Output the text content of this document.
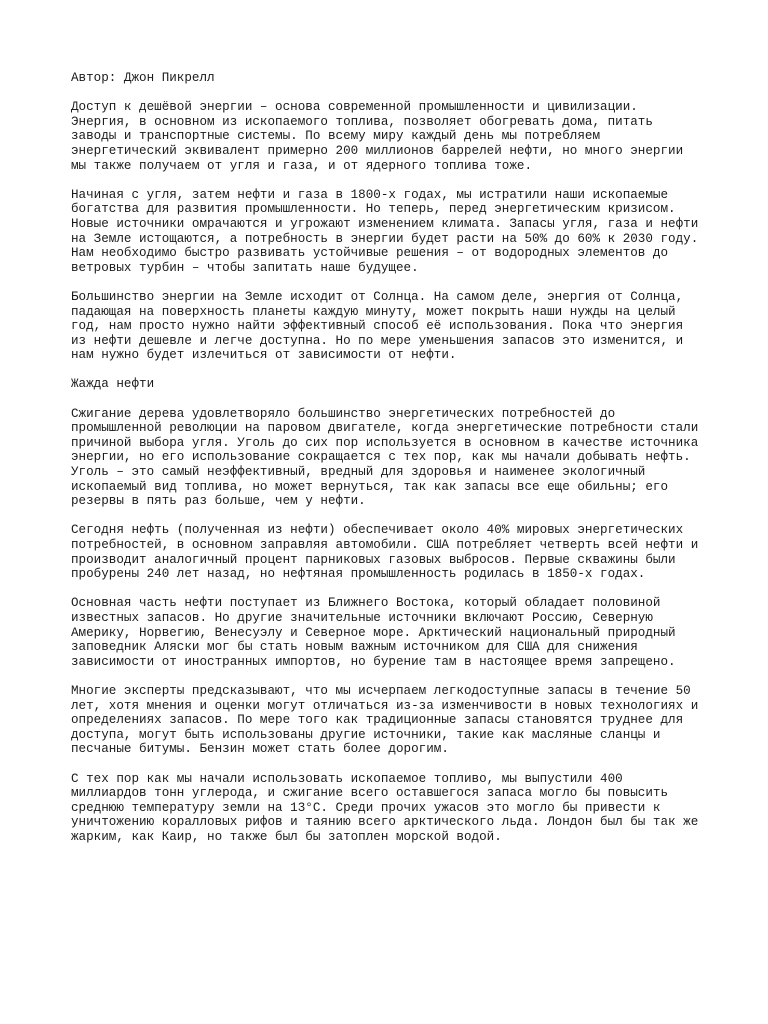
Автор: Джон Пикрелл
Доступ к дешёвой энергии – основа современной промышленности и цивилизации.
Энергия, в основном из ископаемого топлива, позволяет обогревать дома, питать
заводы и транспортные системы. По всему миру каждый день мы потребляем
энергетический эквивалент примерно 200 миллионов баррелей нефти, но много энергии
мы также получаем от угля и газа, и от ядерного топлива тоже.
Начиная с угля, затем нефти и газа в 1800-х годах, мы истратили наши ископаемые
богатства для развития промышленности. Но теперь, перед энергетическим кризисом.
Новые источники омрачаются и угрожают изменением климата. Запасы угля, газа и нефти
на Земле истощаются, а потребность в энергии будет расти на 50% до 60% к 2030 году.
Нам необходимо быстро развивать устойчивые решения – от водородных элементов до
ветровых турбин – чтобы запитать наше будущее.
Большинство энергии на Земле исходит от Солнца. На самом деле, энергия от Солнца,
падающая на поверхность планеты каждую минуту, может покрыть наши нужды на целый
год, нам просто нужно найти эффективный способ её использования. Пока что энергия
из нефти дешевле и легче доступна. Но по мере уменьшения запасов это изменится, и
нам нужно будет излечиться от зависимости от нефти.
Жажда нефти
Сжигание дерева удовлетворяло большинство энергетических потребностей до
промышленной революции на паровом двигателе, когда энергетические потребности стали
причиной выбора угля. Уголь до сих пор используется в основном в качестве источника
энергии, но его использование сокращается с тех пор, как мы начали добывать нефть.
Уголь – это самый неэффективный, вредный для здоровья и наименее экологичный
ископаемый вид топлива, но может вернуться, так как запасы все еще обильны; его
резервы в пять раз больше, чем у нефти.
Сегодня нефть (полученная из нефти) обеспечивает около 40% мировых энергетических
потребностей, в основном заправляя автомобили. США потребляет четверть всей нефти и
производит аналогичный процент парниковых газовых выбросов. Первые скважины были
пробурены 240 лет назад, но нефтяная промышленность родилась в 1850-х годах.
Основная часть нефти поступает из Ближнего Востока, который обладает половиной
известных запасов. Но другие значительные источники включают Россию, Северную
Америку, Норвегию, Венесуэлу и Северное море. Арктический национальный природный
заповедник Аляски мог бы стать новым важным источником для США для снижения
зависимости от иностранных импортов, но бурение там в настоящее время запрещено.
Многие эксперты предсказывают, что мы исчерпаем легкодоступные запасы в течение 50
лет, хотя мнения и оценки могут отличаться из-за изменчивости в новых технологиях и
определениях запасов. По мере того как традиционные запасы становятся труднее для
доступа, могут быть использованы другие источники, такие как масляные сланцы и
песчаные битумы. Бензин может стать более дорогим.
С тех пор как мы начали использовать ископаемое топливо, мы выпустили 400
миллиардов тонн углерода, и сжигание всего оставшегося запаса могло бы повысить
среднюю температуру земли на 13°C. Среди прочих ужасов это могло бы привести к
уничтожению коралловых рифов и таянию всего арктического льда. Лондон был бы так же
жарким, как Каир, но также был бы затоплен морской водой.
